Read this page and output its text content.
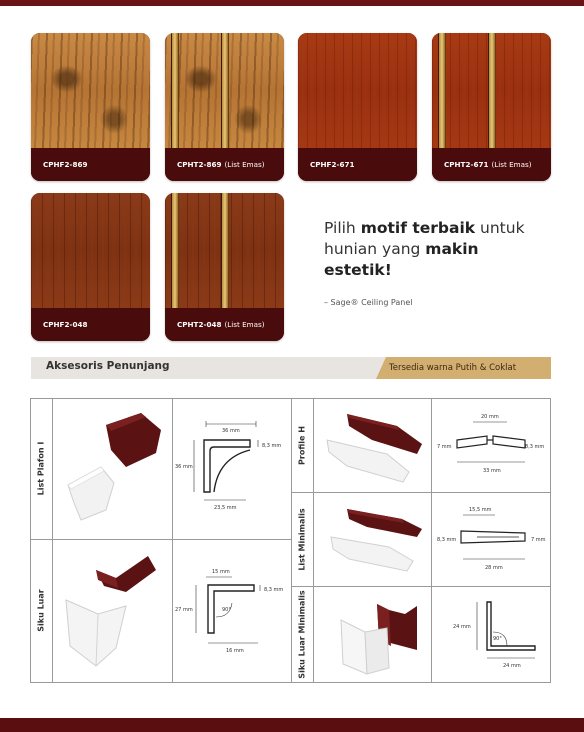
CPHF2-869	CPHT2-869 (List Emas)	CPHF2-671	CPHT2-671 (List Emas)
CPHF2-048	CPHT2-048 (List Emas)
Pilih motif terbaik untuk hunian yang makin estetik!
– Sage® Ceiling Panel
Aksesoris Penunjang	Tersedia warna Putih & Coklat
List Plafon I
Siku Luar
Profile H
List Minimalis
Siku Luar Minimalis
36 mm
36 mm
8,3 mm
23,5 mm
15 mm
27 mm
8,3 mm
90°
16 mm
20 mm
7 mm	8,3 mm
33 mm
15,5 mm
8,3 mm	7 mm
28 mm
24 mm
90°
24 mm
